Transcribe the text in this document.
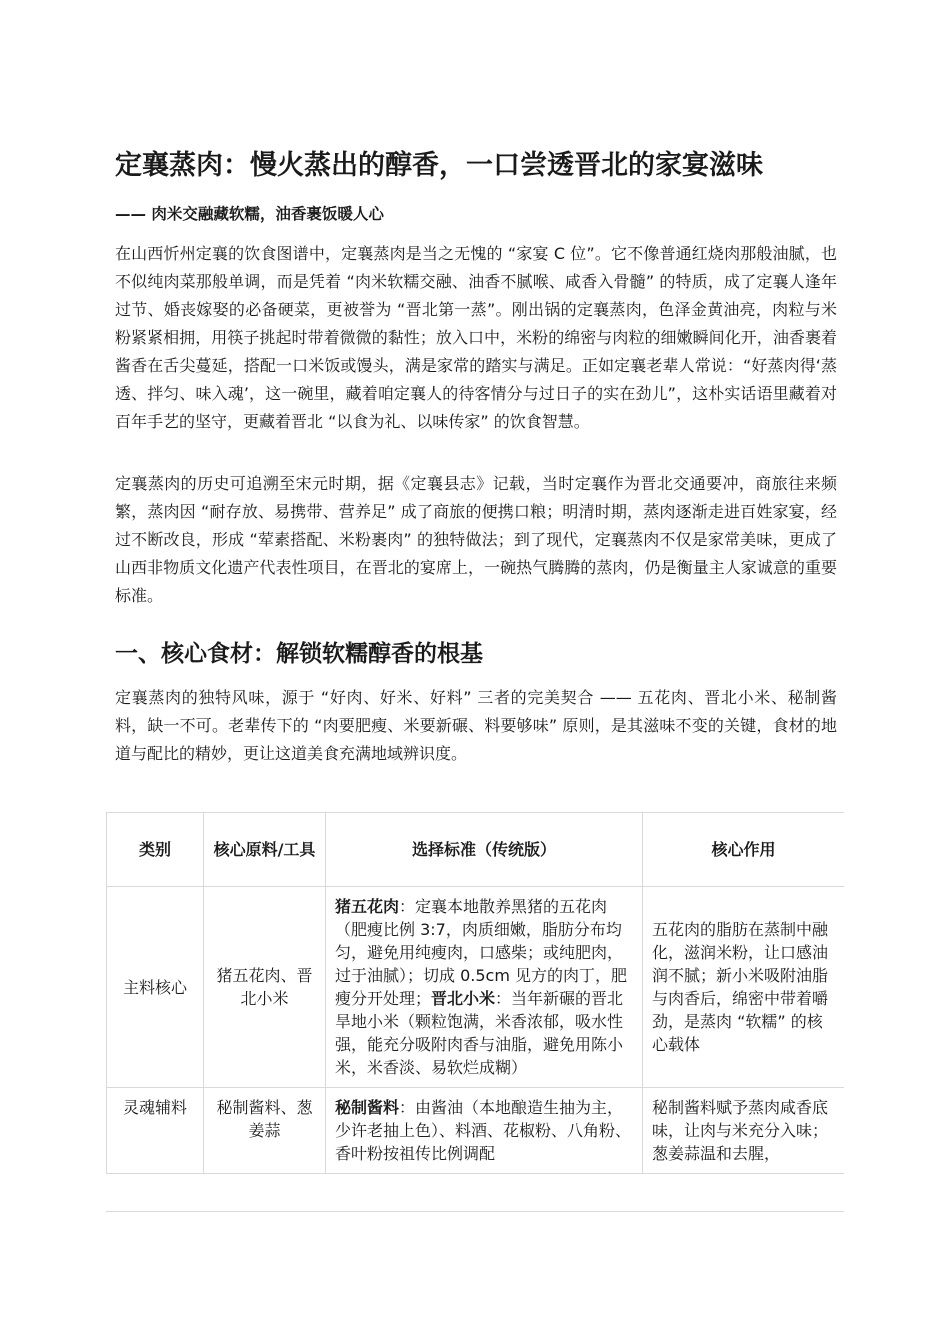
定襄蒸肉：慢火蒸出的醇香，一口尝透晋北的家宴滋味

—— 肉米交融藏软糯，油香裹饭暖人心

在山西忻州定襄的饮食图谱中，定襄蒸肉是当之无愧的 “家宴 C 位”。它不像普通红烧肉那般油腻，也不似纯肉菜那般单调，而是凭着 “肉米软糯交融、油香不腻喉、咸香入骨髓” 的特质，成了定襄人逢年过节、婚丧嫁娶的必备硬菜，更被誉为 “晋北第一蒸”。刚出锅的定襄蒸肉，色泽金黄油亮，肉粒与米粉紧紧相拥，用筷子挑起时带着微微的黏性；放入口中，米粉的绵密与肉粒的细嫩瞬间化开，油香裹着酱香在舌尖蔓延，搭配一口米饭或馒头，满是家常的踏实与满足。正如定襄老辈人常说：“好蒸肉得‘蒸透、拌匀、味入魂’，这一碗里，藏着咱定襄人的待客情分与过日子的实在劲儿”，这朴实话语里藏着对百年手艺的坚守，更藏着晋北 “以食为礼、以味传家” 的饮食智慧。

定襄蒸肉的历史可追溯至宋元时期，据《定襄县志》记载，当时定襄作为晋北交通要冲，商旅往来频繁，蒸肉因 “耐存放、易携带、营养足” 成了商旅的便携口粮；明清时期，蒸肉逐渐走进百姓家宴，经过不断改良，形成 “荤素搭配、米粉裹肉” 的独特做法；到了现代，定襄蒸肉不仅是家常美味，更成了山西非物质文化遗产代表性项目，在晋北的宴席上，一碗热气腾腾的蒸肉，仍是衡量主人家诚意的重要标准。

一、核心食材：解锁软糯醇香的根基

定襄蒸肉的独特风味，源于 “好肉、好米、好料” 三者的完美契合 —— 五花肉、晋北小米、秘制酱料，缺一不可。老辈传下的 “肉要肥瘦、米要新碾、料要够味” 原则，是其滋味不变的关键，食材的地道与配比的精妙，更让这道美食充满地域辨识度。

类别	核心原料/工具	选择标准（传统版）	核心作用
主料核心	猪五花肉、晋北小米	猪五花肉：定襄本地散养黑猪的五花肉（肥瘦比例 3:7，肉质细嫩，脂肪分布均匀，避免用纯瘦肉，口感柴；或纯肥肉，过于油腻）；切成 0.5cm 见方的肉丁，肥瘦分开处理；晋北小米：当年新碾的晋北旱地小米（颗粒饱满，米香浓郁，吸水性强，能充分吸附肉香与油脂，避免用陈小米，米香淡、易软烂成糊）	五花肉的脂肪在蒸制中融化，滋润米粉，让口感油润不腻；新小米吸附油脂与肉香后，绵密中带着嚼劲，是蒸肉 “软糯” 的核心载体
灵魂辅料	秘制酱料、葱姜蒜	秘制酱料：由酱油（本地酿造生抽为主，少许老抽上色）、料酒、花椒粉、八角粉、香叶粉按祖传比例调配	秘制酱料赋予蒸肉咸香底味，让肉与米充分入味；葱姜蒜温和去腥，
